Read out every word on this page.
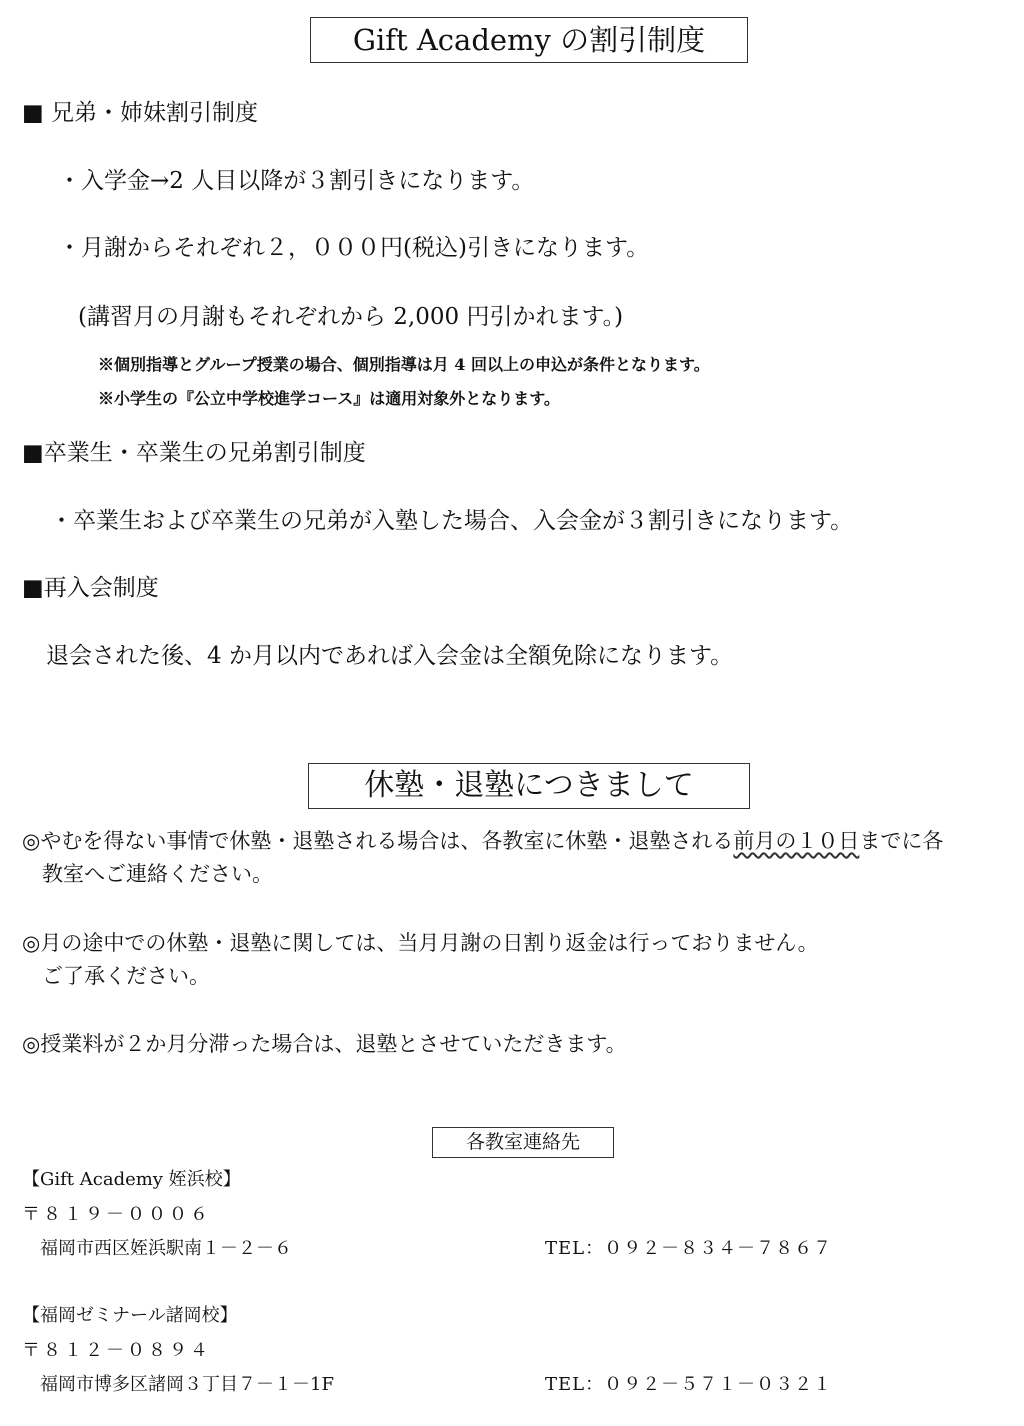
Gift Academy の割引制度
■ 兄弟・姉妹割引制度
・入学金→2 人目以降が３割引きになります。
・月謝からそれぞれ２，０００円(税込)引きになります。
(講習月の月謝もそれぞれから 2,000 円引かれます。)
※個別指導とグループ授業の場合、個別指導は月 4 回以上の申込が条件となります。
※小学生の『公立中学校進学コース』は適用対象外となります。
■卒業生・卒業生の兄弟割引制度
・卒業生および卒業生の兄弟が入塾した場合、入会金が３割引きになります。
■再入会制度
退会された後、4 か月以内であれば入会金は全額免除になります。
休塾・退塾につきまして
◎やむを得ない事情で休塾・退塾される場合は、各教室に休塾・退塾される前月の１０日までに各
教室へご連絡ください。
◎月の途中での休塾・退塾に関しては、当月月謝の日割り返金は行っておりません。
ご了承ください。
◎授業料が２か月分滞った場合は、退塾とさせていただきます。
各教室連絡先
【Gift Academy 姪浜校】
〒８１９－０００６
福岡市西区姪浜駅南１－２－６	TEL：０９２－８３４－７８６７
【福岡ゼミナール諸岡校】
〒８１２－０８９４
福岡市博多区諸岡３丁目７－１－1F	TEL：０９２－５７１－０３２１
